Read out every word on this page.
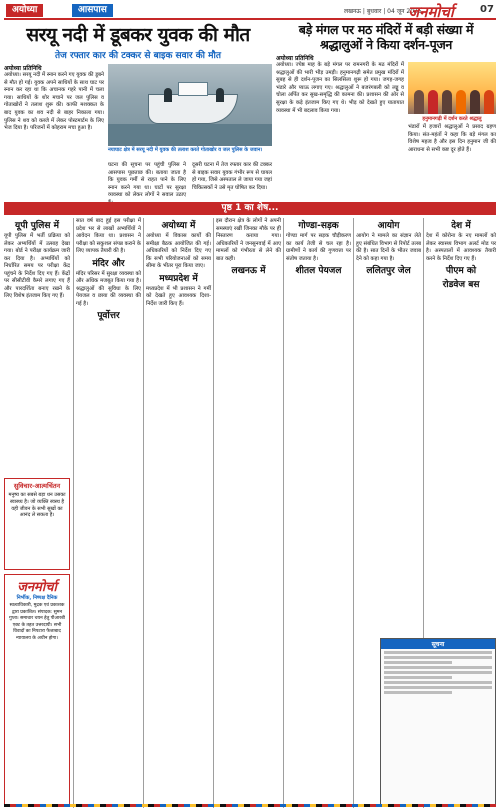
अयोध्या	आसपास	लखनऊ | बुधवार | 04 जून 2025
जनमोर्चा	07
सरयू नदी में डूबकर युवक की मौत
तेज रफ्तार कार की टक्कर से बाइक सवार की मौत
अयोध्या प्रतिनिधि
अयोध्या। सरयू नदी में स्नान करने गए युवक की डूबने से मौत हो गई। युवक अपने साथियों के साथ घाट पर स्नान कर रहा था कि अचानक गहरे पानी में चला गया। साथियों के शोर मचाने पर जल पुलिस व गोताखोरों ने तलाश शुरू की। काफी मशक्कत के बाद युवक का शव नदी से बाहर निकाला गया। पुलिस ने शव को कब्जे में लेकर पोस्टमार्टम के लिए भेज दिया है। परिजनों में कोहराम मचा हुआ है।
नयाघाट क्षेत्र में सरयू नदी में युवक की तलाश करते गोताखोर व जल पुलिस के जवान।
घटना की सूचना पर पहुंची पुलिस ने आसपास पूछताछ की। बताया जाता है कि युवक गर्मी से राहत पाने के लिए स्नान करने गया था। घाटों पर सुरक्षा व्यवस्था को लेकर लोगों ने सवाल उठाए
दूसरी घटना में तेज रफ्तार कार की टक्कर से बाइक सवार युवक गंभीर रूप से घायल हो गया, जिसे अस्पताल ले जाया गया जहां चिकित्सकों ने उसे मृत घोषित कर दिया।
बड़े मंगल पर मठ मंदिरों में बड़ी संख्या में श्रद्धालुओं ने किया दर्शन-पूजन
अयोध्या प्रतिनिधि
अयोध्या। ज्येष्ठ माह के बड़े मंगल पर रामनगरी के मठ मंदिरों में श्रद्धालुओं की भारी भीड़ उमड़ी। हनुमानगढ़ी समेत प्रमुख मंदिरों में सुबह से ही दर्शन-पूजन का सिलसिला शुरू हो गया। जगह-जगह भंडारे और प्याऊ लगाए गए। श्रद्धालुओं ने बजरंगबली को लड्डू व चोला अर्पित कर सुख-समृद्धि की कामना की। प्रशासन की ओर से सुरक्षा के कड़े इंतजाम किए गए थे। भीड़ को देखते हुए यातायात व्यवस्था में भी बदलाव किया गया।
हनुमानगढ़ी में दर्शन करते श्रद्धालु
भंडारों में हजारों श्रद्धालुओं ने प्रसाद ग्रहण किया। संत-महंतों ने कहा कि बड़े मंगल का विशेष महत्व है और इस दिन हनुमान जी की आराधना से सभी कष्ट दूर होते हैं।
पृष्ठ 1 का शेष...
यूपी पुलिस में
यूपी पुलिस में भर्ती प्रक्रिया को लेकर अभ्यर्थियों में उत्साह देखा गया। बोर्ड ने परीक्षा कार्यक्रम जारी कर दिया है। अभ्यर्थियों को निर्धारित समय पर परीक्षा केंद्र पहुंचने के निर्देश दिए गए हैं। केंद्रों पर सीसीटीवी कैमरे लगाए गए हैं और पारदर्शिता बनाए रखने के लिए विशेष इंतजाम किए गए हैं।
सुविचार-आत्मचिंतन
मनुष्य का सबसे बड़ा धन उसका स्वास्थ्य है। जो व्यक्ति स्वस्थ है वही जीवन के सभी सुखों का आनंद ले सकता है।
जनमोर्चा
निर्भीक, निष्पक्ष दैनिक
स्वत्वाधिकारी, मुद्रक एवं प्रकाशक द्वारा प्रकाशित। संपादक: सुमन गुप्ता। समाचार चयन हेतु पीआरबी एक्ट के तहत उत्तरदायी। सभी विवादों का निपटारा फैजाबाद न्यायालय के अधीन होगा।
सात वर्ष बाद हुई इस परीक्षा में प्रदेश भर से लाखों अभ्यर्थियों ने आवेदन किया था। प्रशासन ने परीक्षा को सकुशल संपन्न कराने के लिए व्यापक तैयारी की है।
मंदिर और
मंदिर परिसर में सुरक्षा व्यवस्था को और अधिक मजबूत किया गया है। श्रद्धालुओं की सुविधा के लिए पेयजल व छाया की व्यवस्था की गई है।
पूर्वोत्तर
अयोध्या में
अयोध्या में विकास कार्यों की समीक्षा बैठक आयोजित की गई। अधिकारियों को निर्देश दिए गए कि सभी परियोजनाओं को समय सीमा के भीतर पूरा किया जाए।
मध्यप्रदेश में
मध्यप्रदेश में भी प्रशासन ने गर्मी को देखते हुए आवश्यक दिशा-निर्देश जारी किए हैं।
इस दौरान क्षेत्र के लोगों ने अपनी समस्याएं रखीं जिनका मौके पर ही निस्तारण कराया गया। अधिकारियों ने जनसुनवाई में आए मामलों को गंभीरता से लेने की बात कही।
लखनऊ में
गोण्डा-सड़क
गोण्डा मार्ग पर सड़क चौड़ीकरण का कार्य तेजी से चल रहा है। ग्रामीणों ने कार्य की गुणवत्ता पर संतोष जताया है।
शीतल पेयजल
आयोग
आयोग ने मामले का संज्ञान लेते हुए संबंधित विभाग से रिपोर्ट तलब की है। सात दिनों के भीतर जवाब देने को कहा गया है।
ललितपुर जेल
देश में
देश में कोरोना के नए मामलों को लेकर स्वास्थ्य विभाग अलर्ट मोड पर है। अस्पतालों में आवश्यक तैयारी करने के निर्देश दिए गए हैं।
पीएम को
रोडवेज बस
सूचना
